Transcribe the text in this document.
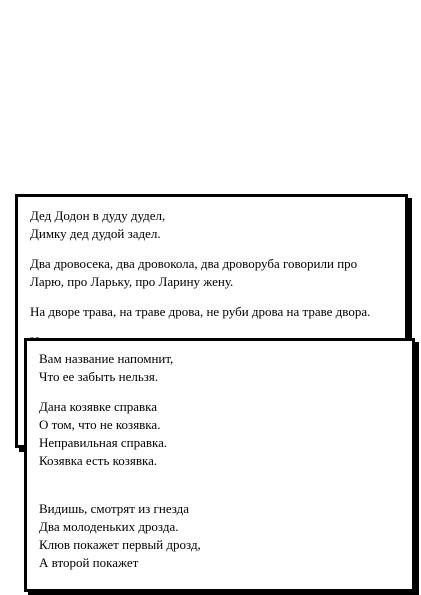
Дед Додон в дуду дудел,
Димку дед дудой задел.
Два дровосека, два дровокола, два дроворуба говорили про
Ларю, про Ларьку, про Ларину жену.
На дворе трава, на траве дрова, не руби дрова на траве двора.
Вам название напомнит,
Что ее забыть нельзя.
Дана козявке справка
О том, что не козявка.
Неправильная справка.
Козявка есть козявка.
Видишь, смотрят из гнезда
Два молоденьких дрозда.
Клюв покажет первый дрозд,
А второй покажет
